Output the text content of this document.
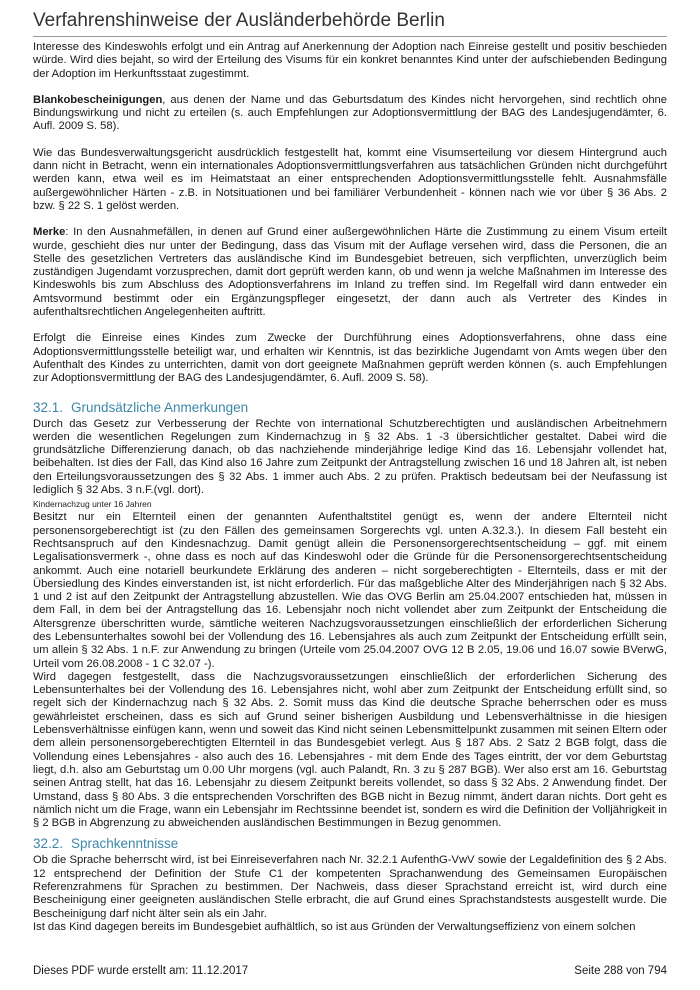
Verfahrenshinweise der Ausländerbehörde Berlin

Interesse des Kindeswohls erfolgt und ein Antrag auf Anerkennung der Adoption nach Einreise gestellt und positiv beschieden würde. Wird dies bejaht, so wird der Erteilung des Visums für ein konkret benanntes Kind unter der aufschiebenden Bedingung der Adoption im Herkunftsstaat zugestimmt.

Blankobescheinigungen, aus denen der Name und das Geburtsdatum des Kindes nicht hervorgehen, sind rechtlich ohne Bindungswirkung und nicht zu erteilen (s. auch Empfehlungen zur Adoptionsvermittlung der BAG des Landesjugendämter, 6. Aufl. 2009 S. 58).

Wie das Bundesverwaltungsgericht ausdrücklich festgestellt hat, kommt eine Visumserteilung vor diesem Hintergrund auch dann nicht in Betracht, wenn ein internationales Adoptionsvermittlungsverfahren aus tatsächlichen Gründen nicht durchgeführt werden kann, etwa weil es im Heimatstaat an einer entsprechenden Adoptionsvermittlungsstelle fehlt. Ausnahmsfälle außergewöhnlicher Härten - z.B. in Notsituationen und bei familiärer Verbundenheit - können nach wie vor über § 36 Abs. 2 bzw. § 22 S. 1 gelöst werden.

Merke: In den Ausnahmefällen, in denen auf Grund einer außergewöhnlichen Härte die Zustimmung zu einem Visum erteilt wurde, geschieht dies nur unter der Bedingung, dass das Visum mit der Auflage versehen wird, dass die Personen, die an Stelle des gesetzlichen Vertreters das ausländische Kind im Bundesgebiet betreuen, sich verpflichten, unverzüglich beim zuständigen Jugendamt vorzusprechen, damit dort geprüft werden kann, ob und wenn ja welche Maßnahmen im Interesse des Kindeswohls bis zum Abschluss des Adoptionsverfahrens im Inland zu treffen sind. Im Regelfall wird dann entweder ein Amtsvormund bestimmt oder ein Ergänzungspfleger eingesetzt, der dann auch als Vertreter des Kindes in aufenthaltsrechtlichen Angelegenheiten auftritt.

Erfolgt die Einreise eines Kindes zum Zwecke der Durchführung eines Adoptionsverfahrens, ohne dass eine Adoptionsvermittlungsstelle beteiligt war, und erhalten wir Kenntnis, ist das bezirkliche Jugendamt von Amts wegen über den Aufenthalt des Kindes zu unterrichten, damit von dort geeignete Maßnahmen geprüft werden können (s. auch Empfehlungen zur Adoptionsvermittlung der BAG des Landesjugendämter, 6. Aufl. 2009 S. 58).

32.1. Grundsätzliche Anmerkungen

Durch das Gesetz zur Verbesserung der Rechte von international Schutzberechtigten und ausländischen Arbeitnehmern werden die wesentlichen Regelungen zum Kindernachzug in § 32 Abs. 1 -3 übersichtlicher gestaltet. Dabei wird die grundsätzliche Differenzierung danach, ob das nachziehende minderjährige ledige Kind das 16. Lebensjahr vollendet hat, beibehalten. Ist dies der Fall, das Kind also 16 Jahre zum Zeitpunkt der Antragstellung zwischen 16 und 18 Jahren alt, ist neben den Erteilungsvoraussetzungen des § 32 Abs. 1 immer auch Abs. 2 zu prüfen. Praktisch bedeutsam bei der Neufassung ist lediglich § 32 Abs. 3 n.F.(vgl. dort).

Kindernachzug unter 16 Jahren

Besitzt nur ein Elternteil einen der genannten Aufenthaltstitel genügt es, wenn der andere Elternteil nicht personensorgeberechtigt ist (zu den Fällen des gemeinsamen Sorgerechts vgl. unten A.32.3.). In diesem Fall besteht ein Rechtsanspruch auf den Kindesnachzug. Damit genügt allein die Personensorgerechtsentscheidung – ggf. mit einem Legalisationsvermerk -, ohne dass es noch auf das Kindeswohl oder die Gründe für die Personensorgerechtsentscheidung ankommt. Auch eine notariell beurkundete Erklärung des anderen – nicht sorgeberechtigten - Elternteils, dass er mit der Übersiedlung des Kindes einverstanden ist, ist nicht erforderlich. Für das maßgebliche Alter des Minderjährigen nach § 32 Abs. 1 und 2 ist auf den Zeitpunkt der Antragstellung abzustellen. Wie das OVG Berlin am 25.04.2007 entschieden hat, müssen in dem Fall, in dem bei der Antragstellung das 16. Lebensjahr noch nicht vollendet aber zum Zeitpunkt der Entscheidung die Altersgrenze überschritten wurde, sämtliche weiteren Nachzugsvoraussetzungen einschließlich der erforderlichen Sicherung des Lebensunterhaltes sowohl bei der Vollendung des 16. Lebensjahres als auch zum Zeitpunkt der Entscheidung erfüllt sein, um allein § 32 Abs. 1 n.F. zur Anwendung zu bringen (Urteile vom 25.04.2007 OVG 12 B 2.05, 19.06 und 16.07 sowie BVerwG, Urteil vom 26.08.2008 - 1 C 32.07 -).

Wird dagegen festgestellt, dass die Nachzugsvoraussetzungen einschließlich der erforderlichen Sicherung des Lebensunterhaltes bei der Vollendung des 16. Lebensjahres nicht, wohl aber zum Zeitpunkt der Entscheidung erfüllt sind, so regelt sich der Kindernachzug nach § 32 Abs. 2. Somit muss das Kind die deutsche Sprache beherrschen oder es muss gewährleistet erscheinen, dass es sich auf Grund seiner bisherigen Ausbildung und Lebensverhältnisse in die hiesigen Lebensverhältnisse einfügen kann, wenn und soweit das Kind nicht seinen Lebensmittelpunkt zusammen mit seinen Eltern oder dem allein personensorgeberechtigten Elternteil in das Bundesgebiet verlegt. Aus § 187 Abs. 2 Satz 2 BGB folgt, dass die Vollendung eines Lebensjahres - also auch des 16. Lebensjahres - mit dem Ende des Tages eintritt, der vor dem Geburtstag liegt, d.h. also am Geburtstag um 0.00 Uhr morgens (vgl. auch Palandt, Rn. 3 zu § 287 BGB). Wer also erst am 16. Geburtstag seinen Antrag stellt, hat das 16. Lebensjahr zu diesem Zeitpunkt bereits vollendet, so dass § 32 Abs. 2 Anwendung findet. Der Umstand, dass § 80 Abs. 3 die entsprechenden Vorschriften des BGB nicht in Bezug nimmt, ändert daran nichts. Dort geht es nämlich nicht um die Frage, wann ein Lebensjahr im Rechtssinne beendet ist, sondern es wird die Definition der Volljährigkeit in § 2 BGB in Abgrenzung zu abweichenden ausländischen Bestimmungen in Bezug genommen.

32.2. Sprachkenntnisse

Ob die Sprache beherrscht wird, ist bei Einreiseverfahren nach Nr. 32.2.1 AufenthG-VwV sowie der Legaldefinition des § 2 Abs. 12 entsprechend der Definition der Stufe C1 der kompetenten Sprachanwendung des Gemeinsamen Europäischen Referenzrahmens für Sprachen zu bestimmen. Der Nachweis, dass dieser Sprachstand erreicht ist, wird durch eine Bescheinigung einer geeigneten ausländischen Stelle erbracht, die auf Grund eines Sprachstandstests ausgestellt wurde. Die Bescheinigung darf nicht älter sein als ein Jahr.

Ist das Kind dagegen bereits im Bundesgebiet aufhältlich, so ist aus Gründen der Verwaltungseffizienz von einem solchen

Dieses PDF wurde erstellt am: 11.12.2017	Seite 288 von 794
